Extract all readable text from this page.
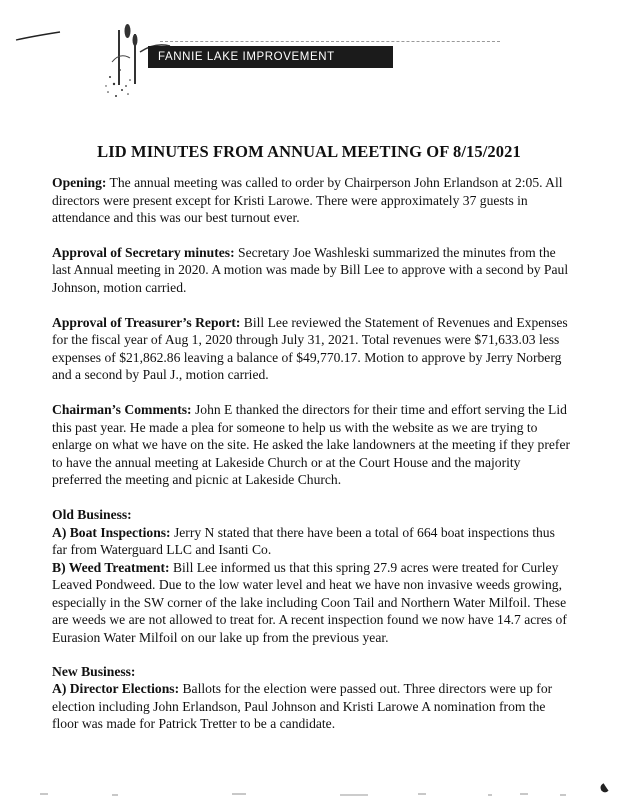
FANNIE LAKE IMPROVEMENT DISTRICT
LID MINUTES FROM ANNUAL MEETING OF 8/15/2021

Opening: The annual meeting was called to order by Chairperson John Erlandson at 2:05. All directors were present except for Kristi Larowe. There were approximately 37 guests in attendance and this was our best turnout ever.

Approval of Secretary minutes: Secretary Joe Washleski summarized the minutes from the last Annual meeting in 2020. A motion was made by Bill Lee to approve with a second by Paul Johnson, motion carried.

Approval of Treasurer’s Report: Bill Lee reviewed the Statement of Revenues and Expenses for the fiscal year of Aug 1, 2020 through July 31, 2021. Total revenues were $71,633.03 less expenses of $21,862.86 leaving a balance of $49,770.17. Motion to approve by Jerry Norberg and a second by Paul J., motion carried.

Chairman’s Comments: John E thanked the directors for their time and effort serving the Lid this past year. He made a plea for someone to help us with the website as we are trying to enlarge on what we have on the site. He asked the lake landowners at the meeting if they prefer to have the annual meeting at Lakeside Church or at the Court House and the majority preferred the meeting and picnic at Lakeside Church.

Old Business:

A) Boat Inspections: Jerry N stated that there have been a total of 664 boat inspections thus far from Waterguard LLC and Isanti Co.

B) Weed Treatment: Bill Lee informed us that this spring 27.9 acres were treated for Curley Leaved Pondweed. Due to the low water level and heat we have non invasive weeds growing, especially in the SW corner of the lake including Coon Tail and Northern Water Milfoil. These are weeds we are not allowed to treat for. A recent inspection found we now have 14.7 acres of Eurasion Water Milfoil on our lake up from the previous year.

New Business:

A) Director Elections: Ballots for the election were passed out. Three directors were up for election including John Erlandson, Paul Johnson and Kristi Larowe A nomination from the floor was made for Patrick Tretter to be a candidate.
